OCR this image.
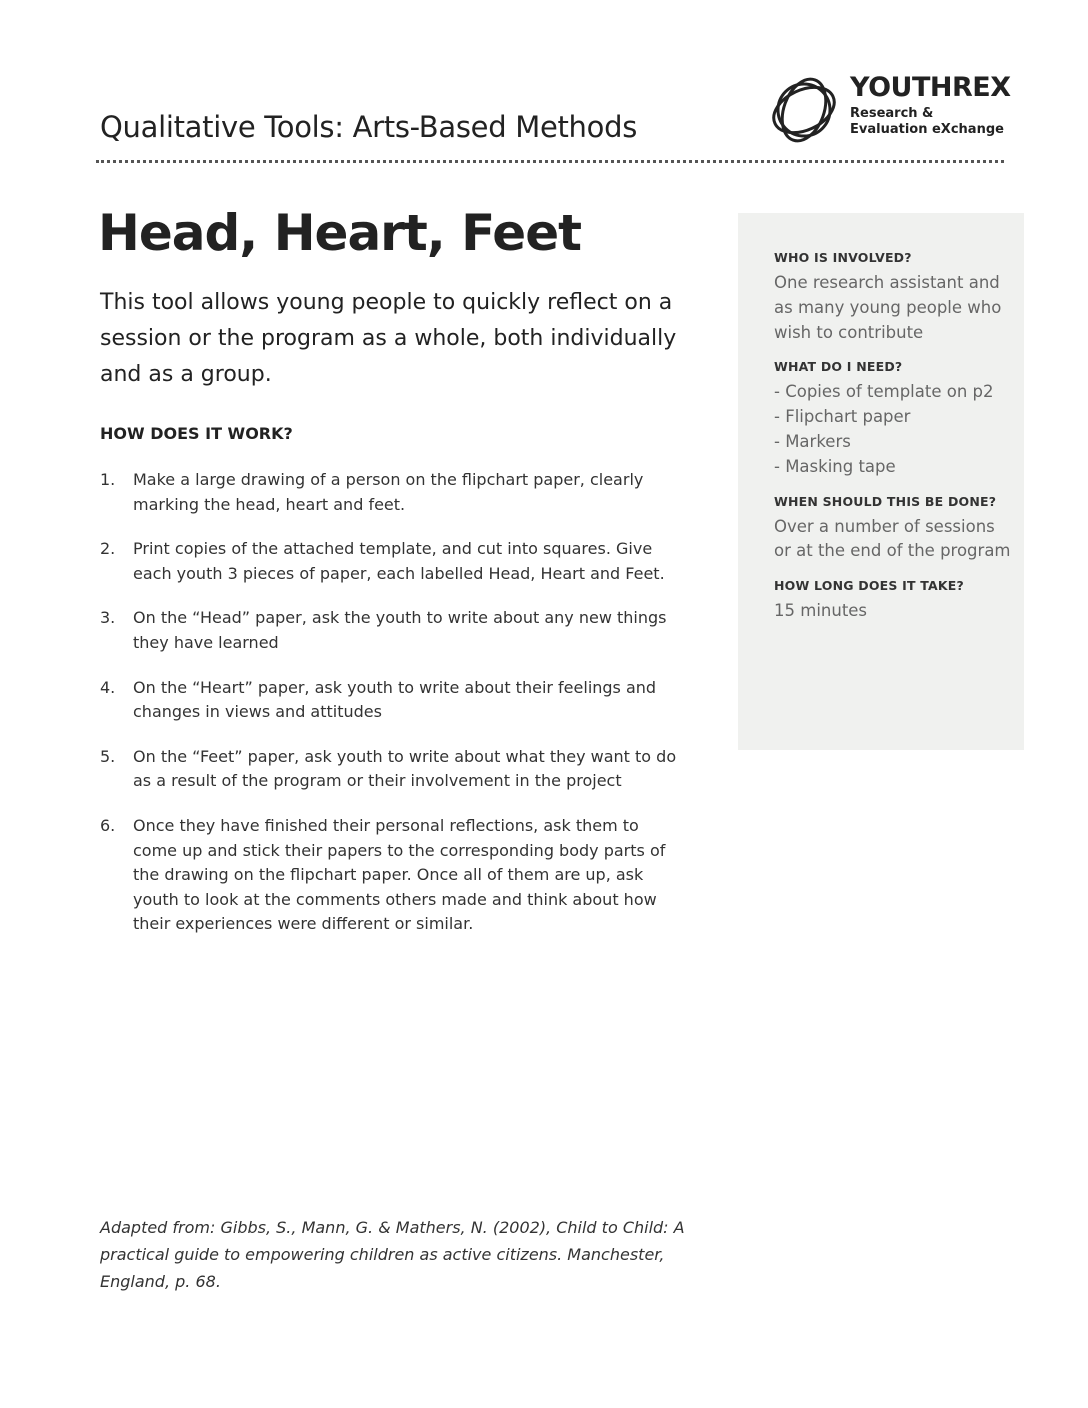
Qualitative Tools: Arts-Based Methods
YOUTHREX
Research &
Evaluation eXchange
Head, Heart, Feet
This tool allows young people to quickly reflect on a session or the program as a whole, both individually and as a group.
HOW DOES IT WORK?
1. Make a large drawing of a person on the flipchart paper, clearly marking the head, heart and feet.
2. Print copies of the attached template, and cut into squares. Give each youth 3 pieces of paper, each labelled Head, Heart and Feet.
3. On the “Head” paper, ask the youth to write about any new things they have learned
4. On the “Heart” paper, ask youth to write about their feelings and changes in views and attitudes
5. On the “Feet” paper, ask youth to write about what they want to do as a result of the program or their involvement in the project
6. Once they have finished their personal reflections, ask them to come up and stick their papers to the corresponding body parts of the drawing on the flipchart paper. Once all of them are up, ask youth to look at the comments others made and think about how their experiences were different or similar.
WHO IS INVOLVED?
One research assistant and as many young people who wish to contribute
WHAT DO I NEED?
- Copies of template on p2
- Flipchart paper
- Markers
- Masking tape
WHEN SHOULD THIS BE DONE?
Over a number of sessions or at the end of the program
HOW LONG DOES IT TAKE?
15 minutes
Adapted from: Gibbs, S., Mann, G. & Mathers, N. (2002), Child to Child: A practical guide to empowering children as active citizens. Manchester, England, p. 68.
